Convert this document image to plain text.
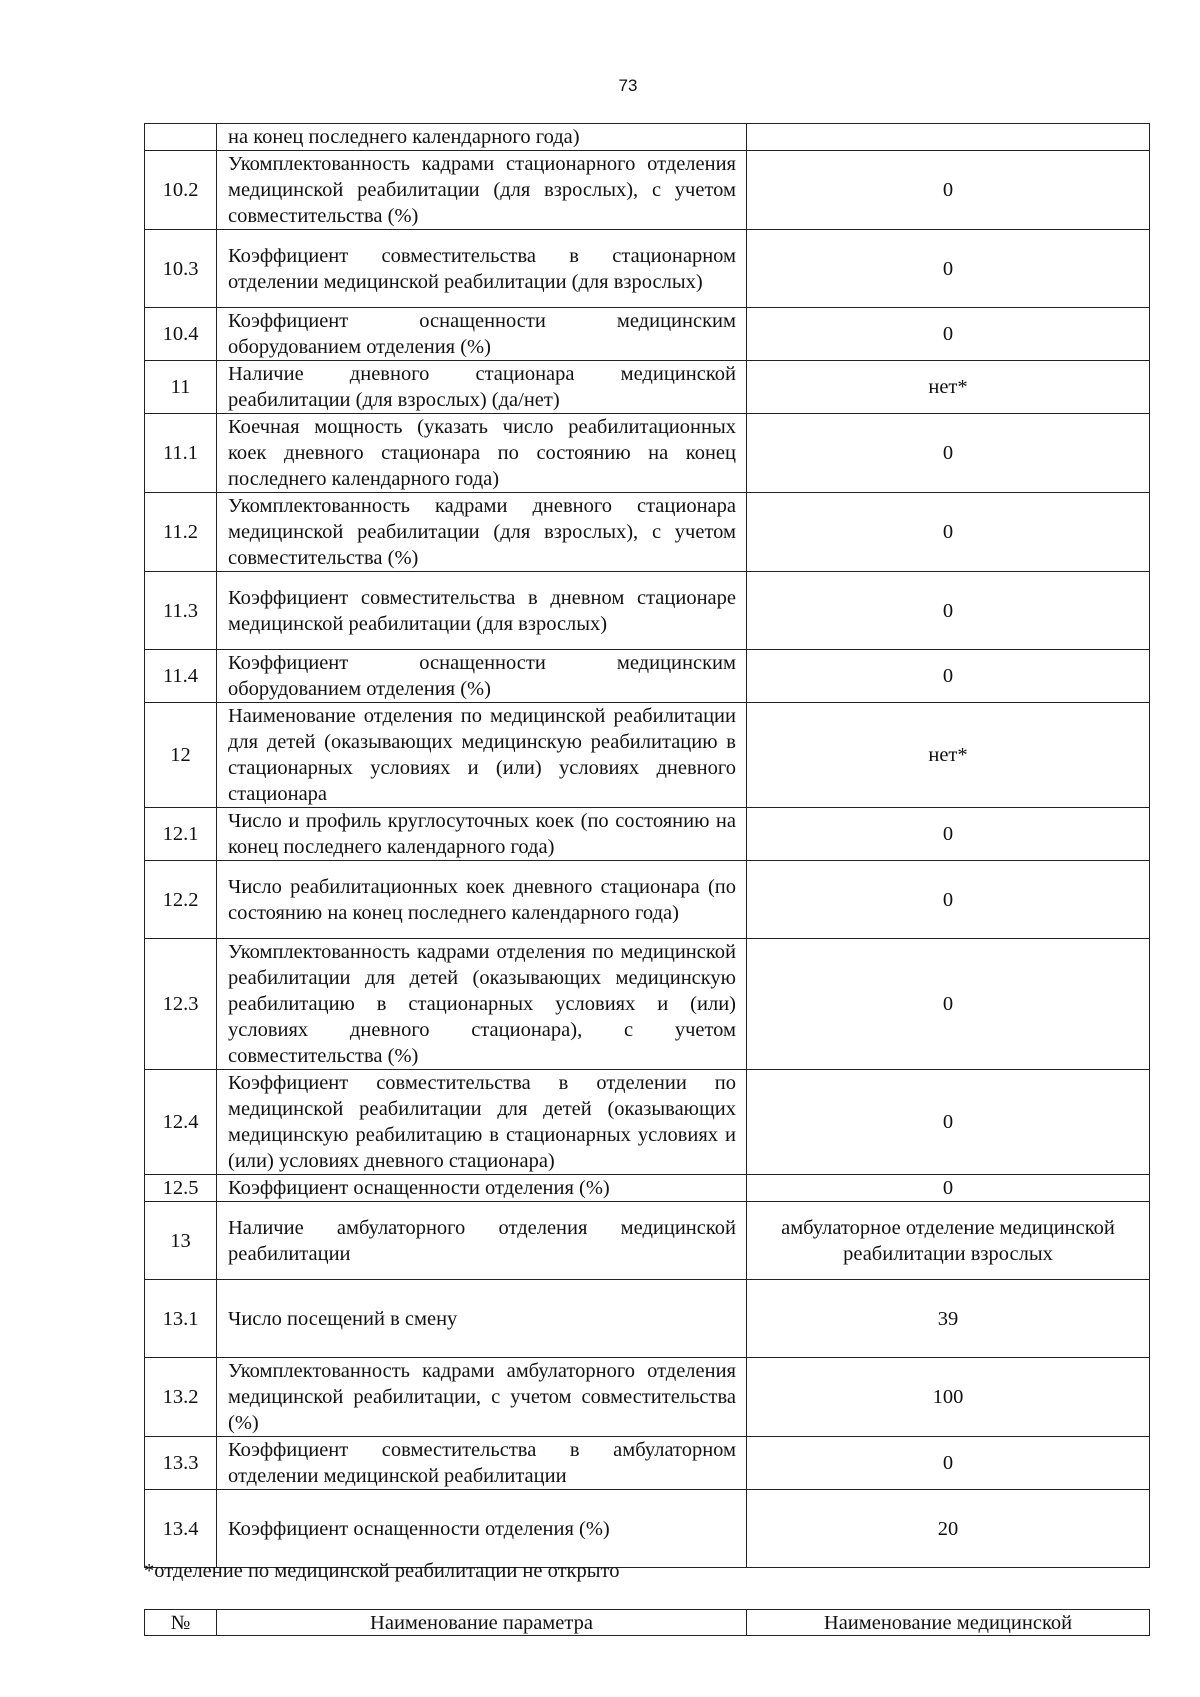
73
	на конец последнего календарного года)	
10.2	Укомплектованность кадрами стационарного отделения медицинской реабилитации (для взрослых), с учетом совместительства (%)	0
10.3	Коэффициент совместительства в стационарном отделении медицинской реабилитации (для взрослых)	0
10.4	Коэффициент оснащенности медицинским оборудованием отделения (%)	0
11	Наличие дневного стационара медицинской реабилитации (для взрослых) (да/нет)	нет*
11.1	Коечная мощность (указать число реабилитационных коек дневного стационара по состоянию на конец последнего календарного года)	0
11.2	Укомплектованность кадрами дневного стационара медицинской реабилитации (для взрослых), с учетом совместительства (%)	0
11.3	Коэффициент совместительства в дневном стационаре медицинской реабилитации (для взрослых)	0
11.4	Коэффициент оснащенности медицинским оборудованием отделения (%)	0
12	Наименование отделения по медицинской реабилитации для детей (оказывающих медицинскую реабилитацию в стационарных условиях и (или) условиях дневного стационара	нет*
12.1	Число и профиль круглосуточных коек (по состоянию на конец последнего календарного года)	0
12.2	Число реабилитационных коек дневного стационара (по состоянию на конец последнего календарного года)	0
12.3	Укомплектованность кадрами отделения по медицинской реабилитации для детей (оказывающих медицинскую реабилитацию в стационарных условиях и (или) условиях дневного стационара), с учетом совместительства (%)	0
12.4	Коэффициент совместительства в отделении по медицинской реабилитации для детей (оказывающих медицинскую реабилитацию в стационарных условиях и (или) условиях дневного стационара)	0
12.5	Коэффициент оснащенности отделения (%)	0
13	Наличие амбулаторного отделения медицинской реабилитации	амбулаторное отделение медицинской реабилитации взрослых
13.1	Число посещений в смену	39
13.2	Укомплектованность кадрами амбулаторного отделения медицинской реабилитации, с учетом совместительства (%)	100
13.3	Коэффициент совместительства в амбулаторном отделении медицинской реабилитации	0
13.4	Коэффициент оснащенности отделения (%)	20
*отделение по медицинской реабилитации не открыто
№	Наименование параметра	Наименование медицинской
